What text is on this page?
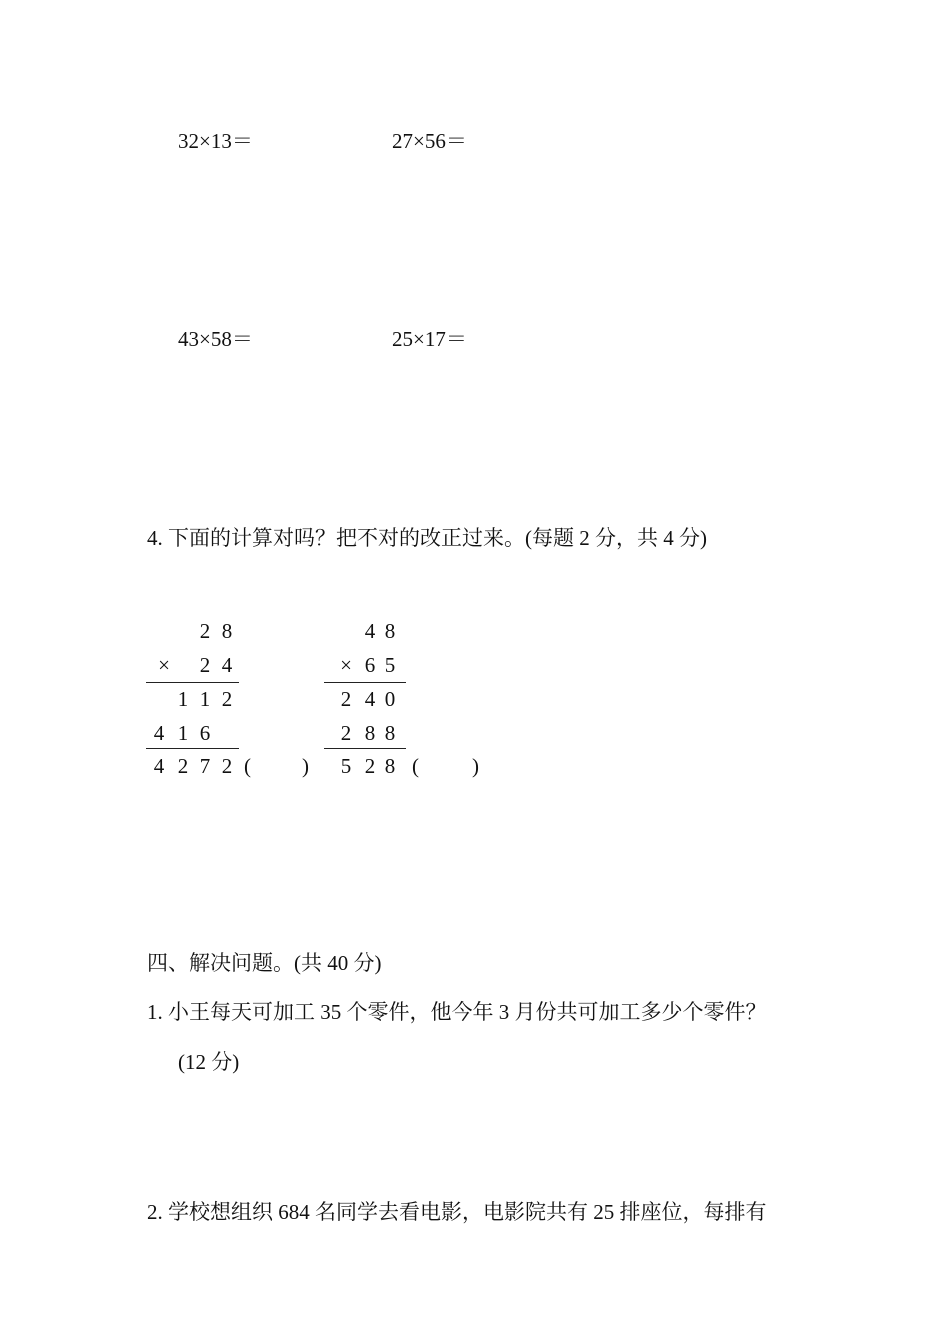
32×13＝	27×56＝
43×58＝	25×17＝
4. 下面的计算对吗？把不对的改正过来。(每题 2 分，共 4 分)
2 8
× 2 4
1 1 2
4 1 6
4 2 7 2 ( )
4 8
× 6 5
2 4 0
2 8 8
5 2 8 (	)
四、解决问题。(共 40 分)
1. 小王每天可加工 35 个零件，他今年 3 月份共可加工多少个零件？
(12 分)
2. 学校想组织 684 名同学去看电影，电影院共有 25 排座位，每排有
